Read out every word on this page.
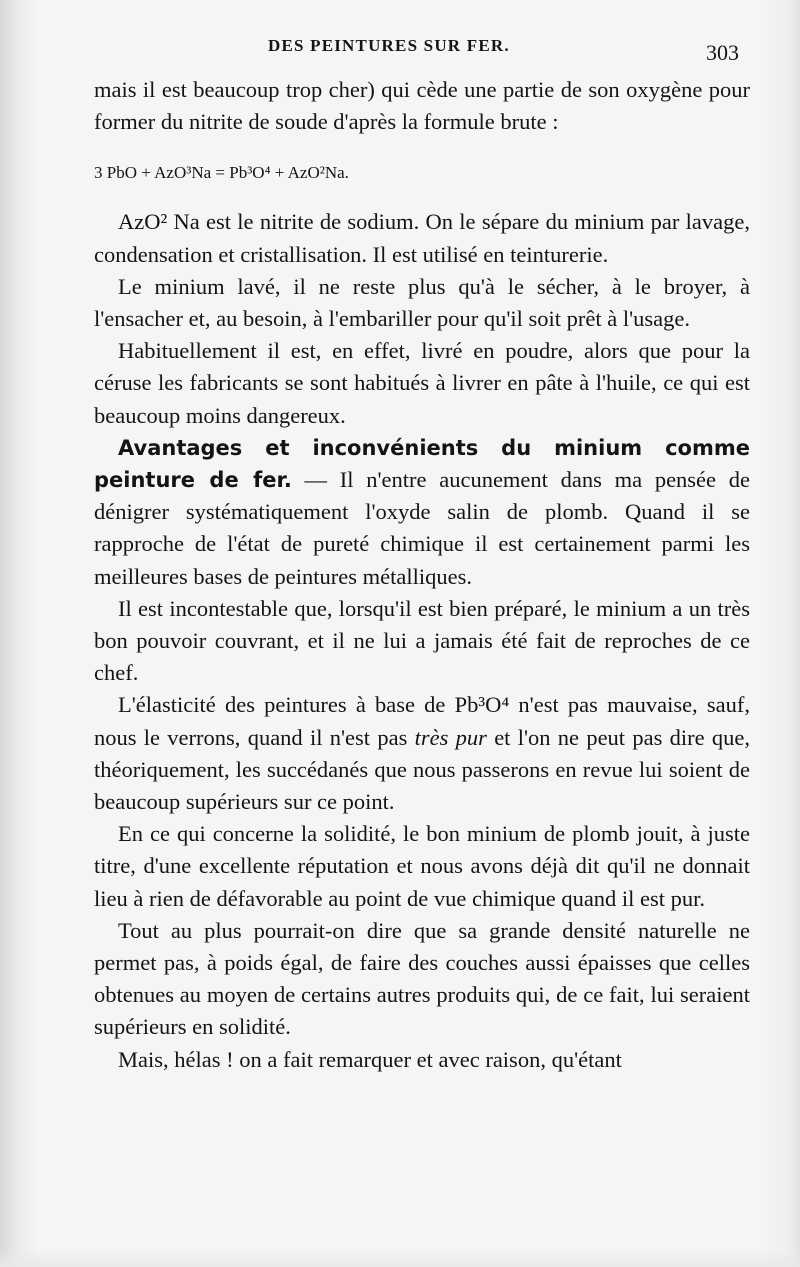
DES PEINTURES SUR FER.	303

mais il est beaucoup trop cher) qui cède une partie de son oxygène pour former du nitrite de soude d'après la formule brute :

3 PbO + AzO³Na = Pb³O⁴ + AzO²Na.

AzO² Na est le nitrite de sodium. On le sépare du minium par lavage, condensation et cristallisation. Il est utilisé en teinturerie.

Le minium lavé, il ne reste plus qu'à le sécher, à le broyer, à l'ensacher et, au besoin, à l'embariller pour qu'il soit prêt à l'usage.

Habituellement il est, en effet, livré en poudre, alors que pour la céruse les fabricants se sont habitués à livrer en pâte à l'huile, ce qui est beaucoup moins dangereux.

Avantages et inconvénients du minium comme peinture de fer. — Il n'entre aucunement dans ma pensée de dénigrer systématiquement l'oxyde salin de plomb. Quand il se rapproche de l'état de pureté chimique il est certainement parmi les meilleures bases de peintures métalliques.

Il est incontestable que, lorsqu'il est bien préparé, le minium a un très bon pouvoir couvrant, et il ne lui a jamais été fait de reproches de ce chef.

L'élasticité des peintures à base de Pb³O⁴ n'est pas mauvaise, sauf, nous le verrons, quand il n'est pas très pur et l'on ne peut pas dire que, théoriquement, les succédanés que nous passerons en revue lui soient de beaucoup supérieurs sur ce point.

En ce qui concerne la solidité, le bon minium de plomb jouit, à juste titre, d'une excellente réputation et nous avons déjà dit qu'il ne donnait lieu à rien de défavorable au point de vue chimique quand il est pur.

Tout au plus pourrait-on dire que sa grande densité naturelle ne permet pas, à poids égal, de faire des couches aussi épaisses que celles obtenues au moyen de certains autres produits qui, de ce fait, lui seraient supérieurs en solidité.

Mais, hélas ! on a fait remarquer et avec raison, qu'étant
